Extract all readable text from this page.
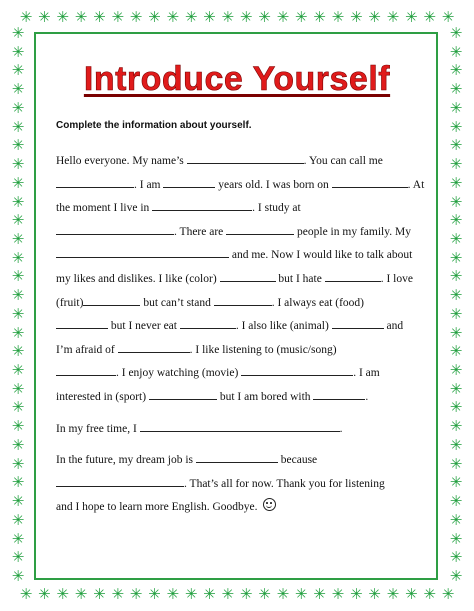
✳ ✳ ✳ ✳ ✳ ✳ ✳ ✳ ✳ ✳ ✳ ✳ ✳ ✳ ✳ ✳ ✳ ✳ ✳ ✳ ✳ ✳ ✳ ✳
✳ ✳ ✳ ✳ ✳ ✳ ✳ ✳ ✳ ✳ ✳ ✳ ✳ ✳ ✳ ✳ ✳ ✳ ✳ ✳ ✳ ✳ ✳ ✳
✳
✳
✳
✳
✳
✳
✳
✳
✳
✳
✳
✳
✳
✳
✳
✳
✳
✳
✳
✳
✳
✳
✳
✳
✳
✳
✳
✳
✳
✳
✳
✳
✳
✳
✳
✳
✳
✳
✳
✳
✳
✳
✳
✳
✳
✳
✳
✳
✳
✳
✳
✳
✳
✳
✳
✳
✳
✳
✳
✳
Introduce Yourself
Complete the information about yourself.

Hello everyone. My name’s	. You can call me
. I am	years old. I was born on	. At
the moment I live in	. I study at
. There are	people in my family. My
and me. Now I would like to talk about
my likes and dislikes. I like (color)	but I hate	. I love
(fruit)	but can’t stand	. I always eat (food)
but I never eat	. I also like (animal)	and
I’m afraid of	. I like listening to (music/song)
. I enjoy watching (movie)	. I am
interested in (sport)	but I am bored with	.

In my free time, I	.

In the future, my dream job is	because
. That’s all for now. Thank you for listening
and I hope to learn more English. Goodbye.
